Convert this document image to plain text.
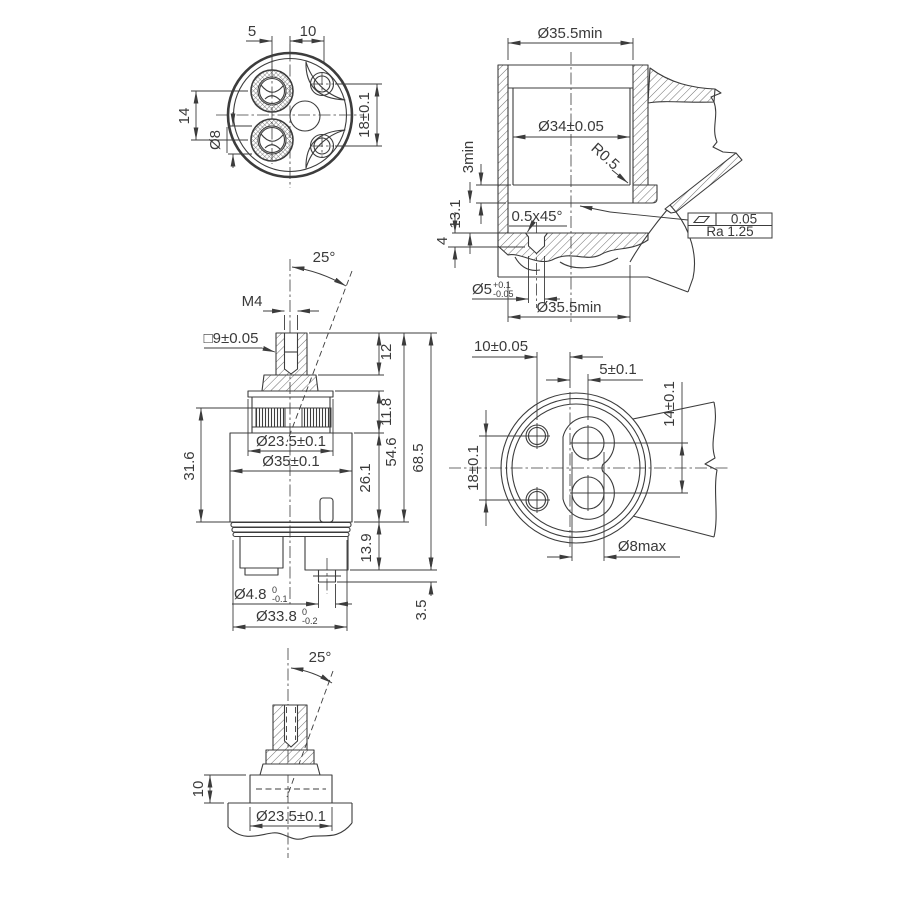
5	10
14
Ø8
18±0.1
Ø35.5min
Ø34±0.05
3min	R0.5
13.1
4
0.5x45°
Ø5 +0.1
-0.05
Ø35.5min
0.05
Ra 1.25
25°
M4
□9±0.05
31.6
Ø23.5±0.1
Ø35±0.1
12
11.8
26.1
13.9
54.6 68.5
3.5
Ø4.8 0
-0.1
Ø33.8 0
-0.2
10±0.05
5±0.1
14±0.1
18±0.1
Ø8max
25°
10
Ø23.5±0.1
